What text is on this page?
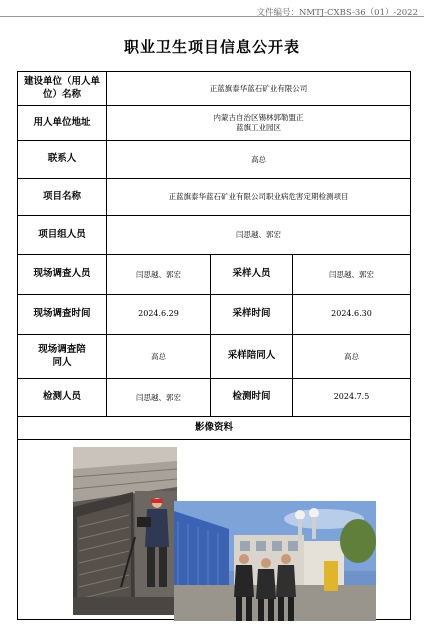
文件编号：NMTJ-CXBS-36（01）-2022
职业卫生项目信息公开表
建设单位（用人单位）名称	正蓝旗泰华蓝石矿业有限公司		
用人单位地址	内蒙古自治区锡林郭勒盟正蓝旗工业园区		

联系人	高总		
项目名称	正蓝旗泰华蓝石矿业有限公司职业病危害定期检测项目		
项目组人员	闫思越、郭宏		
现场调查人员	闫思越、郭宏	采样人员	闫思越、郭宏
现场调查时间	2024.6.29	采样时间	2024.6.30

现场调查陪同人	高总	采样陪同人	高总
检测人员	闫思越、郭宏	检测时间	2024.7.5
影像资料			
